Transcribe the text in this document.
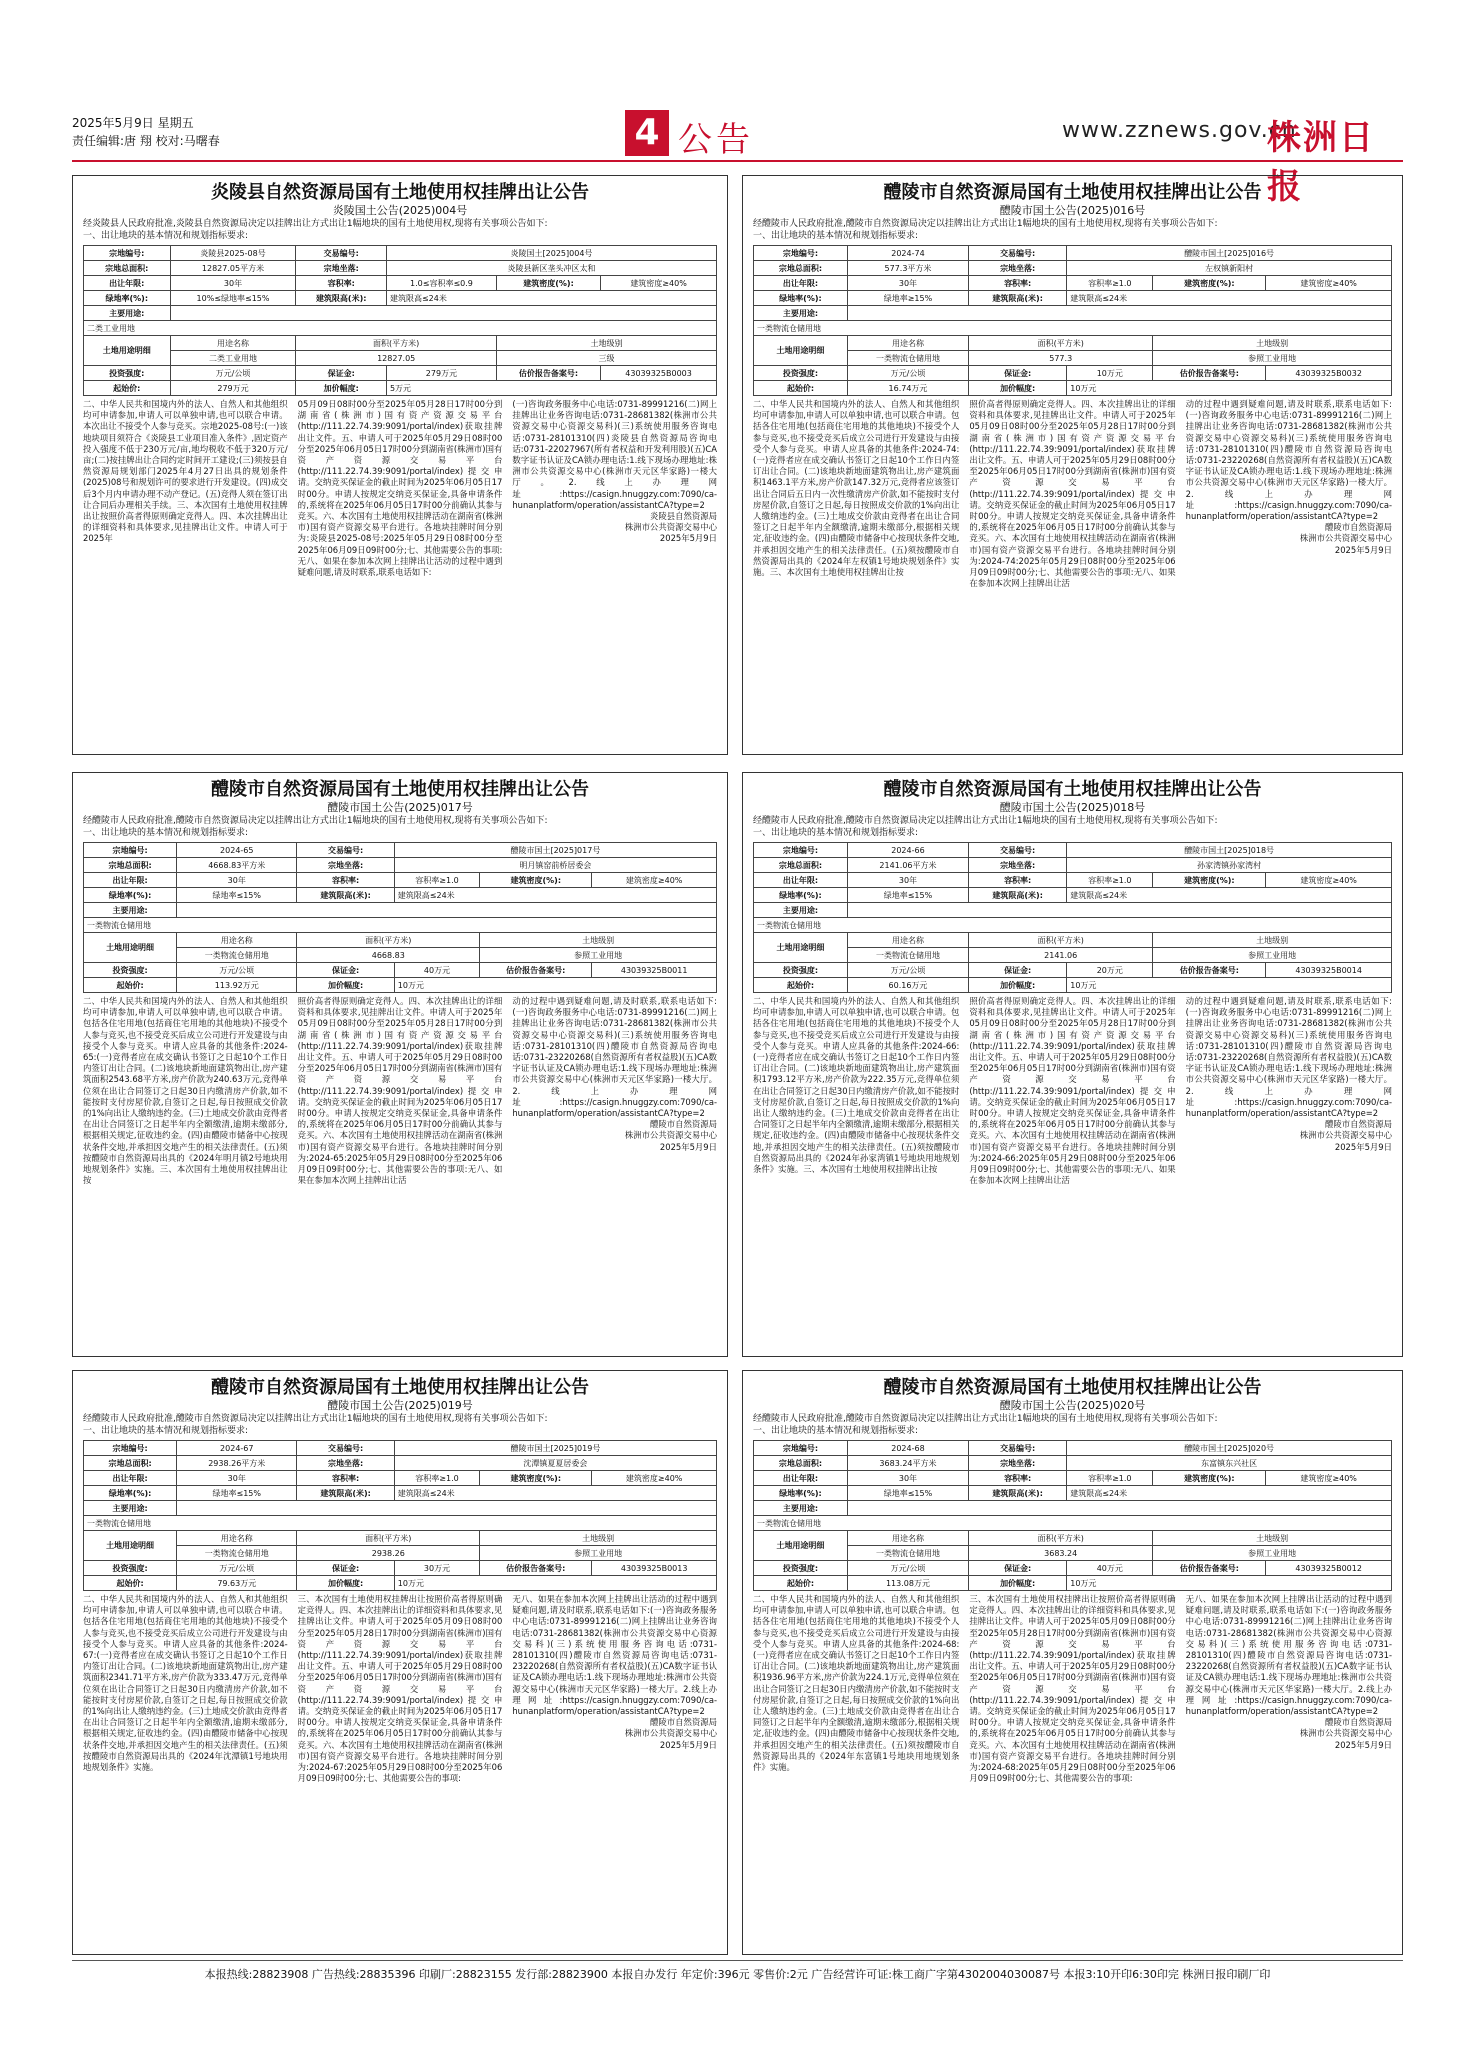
2025年5月9日 星期五
责任编辑:唐 翔 校对:马曙春	4 公告	www.zznews.gov.cn
株洲日报
炎陵县自然资源局国有土地使用权挂牌出让公告
炎陵国土公告(2025)004号
经炎陵县人民政府批准,炎陵县自然资源局决定以挂牌出让方式出让1幅地块的国有土地使用权,现将有关事项公告如下:
一、出让地块的基本情况和规划指标要求:
宗地编号:	炎陵县2025-08号	交易编号:	炎陵国土[2025]004号		
宗地总面积:	12827.05平方米	宗地坐落:	炎陵县新区垄头冲区太和		
出让年限:	30年	容积率:	1.0≤容积率≤0.9	建筑密度(%):	建筑密度≥40%
绿地率(%):	10%≤绿地率≤15%	建筑限高(米):	建筑限高≤24米		
主要用途:					
二类工业用地					
土地用途明细	用途名称	面积(平方米)		土地级别	
	二类工业用地	12827.05		三级	
投资强度:	万元/公顷	保证金:	279万元	估价报告备案号:	43039325B0003
起始价:	279万元	加价幅度:	5万元		
二、中华人民共和国境内外的法人、自然人和其他组织均可申请参加,申请人可以单独申请,也可以联合申请。本次出让不接受个人参与竞买。宗地2025-08号:(一)该地块项目须符合《炎陵县工业项目准入条件》,固定资产投入强度不低于230万元/亩,地均税收不低于320万元/亩;(二)按挂牌出让合同约定时间开工建设;(三)须按县自然资源局规划部门2025年4月27日出具的规划条件(2025)08号和规划许可的要求进行开发建设。(四)成交后3个月内申请办理不动产登记。(五)竞得人须在签订出让合同后办理相关手续。三、本次国有土地使用权挂牌出让按照价高者得原则确定竞得人。四、本次挂牌出让的详细资料和具体要求,见挂牌出让文件。申请人可于2025年
05月09日08时00分至2025年05月28日17时00分到湖南省(株洲市)国有资产资源交易平台(http://111.22.74.39:9091/portal/index)获取挂牌出让文件。五、申请人可于2025年05月29日08时00分至2025年06月05日17时00分到湖南省(株洲市)国有资产资源交易平台(http://111.22.74.39:9091/portal/index)提交申请。交纳竞买保证金的截止时间为2025年06月05日17时00分。申请人按规定交纳竞买保证金,具备申请条件的,系统将在2025年06月05日17时00分前确认其参与竞买。六、本次国有土地使用权挂牌活动在湖南省(株洲市)国有资产资源交易平台进行。各地块挂牌时间分别为:炎陵县2025-08号:2025年05月29日08时00分至2025年06月09日09时00分;七、其他需要公告的事项:无八、如果在参加本次网上挂牌出让活动的过程中遇到疑难问题,请及时联系,联系电话如下:
(一)咨询政务服务中心电话:0731-89991216(二)网上挂牌出让业务咨询电话:0731-28681382(株洲市公共资源交易中心资源交易科)(三)系统使用服务咨询电话:0731-28101310(四)炎陵县自然资源局咨询电话:0731-22027967(所有者权益和开发利用股)(五)CA数字证书认证及CA锁办理电话:1.线下现场办理地址:株洲市公共资源交易中心(株洲市天元区华家路)一楼大厅。2.线上办理网址:https://casign.hnuggzy.com:7090/ca-hunanplatform/operation/assistantCA?type=2
炎陵县自然资源局
株洲市公共资源交易中心
2025年5月9日
醴陵市自然资源局国有土地使用权挂牌出让公告
醴陵市国土公告(2025)016号
经醴陵市人民政府批准,醴陵市自然资源局决定以挂牌出让方式出让1幅地块的国有土地使用权,现将有关事项公告如下:
一、出让地块的基本情况和规划指标要求:
宗地编号:	2024-74	交易编号:	醴陵市国土[2025]016号		
宗地总面积:	577.3平方米	宗地坐落:	左权镇新阳村		
出让年限:	30年	容积率:	容积率≥1.0	建筑密度(%):	建筑密度≥40%
绿地率(%):	绿地率≥15%	建筑限高(米):	建筑限高≤24米		
主要用途:					
一类物流仓储用地					
土地用途明细	用途名称	面积(平方米)		土地级别	
	一类物流仓储用地	577.3		参照工业用地	
投资强度:	万元/公顷	保证金:	10万元	估价报告备案号:	43039325B0032
起始价:	16.74万元	加价幅度:	10万元		
二、中华人民共和国境内外的法人、自然人和其他组织均可申请参加,申请人可以单独申请,也可以联合申请。包括各住宅用地(包括商住宅用地的其他地块)不接受个人参与竞买,也不接受竞买后成立公司进行开发建设与由接受个人参与竞买。申请人应具备的其他条件:2024-74:(一)竞得者应在成交确认书签订之日起10个工作日内签订出让合同。(二)该地块新地面建筑物出让,房产建筑面积1463.1平方米,房产价款147.32万元,竞得者应该签订出让合同后五日内一次性缴清房产价款,如不能按时支付房屋价款,自签订之日起,每日按照成交价款的1%向出让人缴纳违约金。(三)土地成交价款由竞得者在出让合同签订之日起半年内全额缴清,逾期未缴部分,根据相关规定,征收违约金。(四)由醴陵市储备中心按现状条件交地,并承担因交地产生的相关法律责任。(五)须按醴陵市自然资源局出具的《2024年左权镇1号地块规划条件》实施。三、本次国有土地使用权挂牌出让按
照价高者得原则确定竞得人。四、本次挂牌出让的详细资料和具体要求,见挂牌出让文件。申请人可于2025年05月09日08时00分至2025年05月28日17时00分到湖南省(株洲市)国有资产资源交易平台(http://111.22.74.39:9091/portal/index)获取挂牌出让文件。五、申请人可于2025年05月29日08时00分至2025年06月05日17时00分到湖南省(株洲市)国有资产资源交易平台(http://111.22.74.39:9091/portal/index)提交申请。交纳竞买保证金的截止时间为2025年06月05日17时00分。申请人按规定交纳竞买保证金,具备申请条件的,系统将在2025年06月05日17时00分前确认其参与竞买。六、本次国有土地使用权挂牌活动在湖南省(株洲市)国有资产资源交易平台进行。各地块挂牌时间分别为:2024-74:2025年05月29日08时00分至2025年06月09日09时00分;七、其他需要公告的事项:无八、如果在参加本次网上挂牌出让活
动的过程中遇到疑难问题,请及时联系,联系电话如下:(一)咨询政务服务中心电话:0731-89991216(二)网上挂牌出让业务咨询电话:0731-28681382(株洲市公共资源交易中心资源交易科)(三)系统使用服务咨询电话:0731-28101310(四)醴陵市自然资源局咨询电话:0731-23220268(自然资源所有者权益股)(五)CA数字证书认证及CA锁办理电话:1.线下现场办理地址:株洲市公共资源交易中心(株洲市天元区华家路)一楼大厅。2.线上办理网址:https://casign.hnuggzy.com:7090/ca-hunanplatform/operation/assistantCA?type=2
醴陵市自然资源局
株洲市公共资源交易中心
2025年5月9日
醴陵市自然资源局国有土地使用权挂牌出让公告
醴陵市国土公告(2025)017号
经醴陵市人民政府批准,醴陵市自然资源局决定以挂牌出让方式出让1幅地块的国有土地使用权,现将有关事项公告如下:
一、出让地块的基本情况和规划指标要求:
宗地编号:	2024-65	交易编号:	醴陵市国土[2025]017号		
宗地总面积:	4668.83平方米	宗地坐落:	明月镇窑前桥居委会		
出让年限:	30年	容积率:	容积率≥1.0	建筑密度(%):	建筑密度≥40%
绿地率(%):	绿地率≤15%	建筑限高(米):	建筑限高≤24米		
主要用途:					
一类物流仓储用地					
土地用途明细	用途名称	面积(平方米)		土地级别	
	一类物流仓储用地	4668.83		参照工业用地	
投资强度:	万元/公顷	保证金:	40万元	估价报告备案号:	43039325B0011
起始价:	113.92万元	加价幅度:	10万元		
二、中华人民共和国境内外的法人、自然人和其他组织均可申请参加,申请人可以单独申请,也可以联合申请。包括各住宅用地(包括商住宅用地的其他地块)不接受个人参与竞买,也不接受竞买后成立公司进行开发建设与由接受个人参与竞买。申请人应具备的其他条件:2024-65:(一)竞得者应在成交确认书签订之日起10个工作日内签订出让合同。(二)该地块新地面建筑物出让,房产建筑面积2543.68平方米,房产价款为240.63万元,竞得单位须在出让合同签订之日起30日内缴清房产价款,如不能按时支付房屋价款,自签订之日起,每日按照成交价款的1%向出让人缴纳违约金。(三)土地成交价款由竞得者在出让合同签订之日起半年内全额缴清,逾期未缴部分,根据相关规定,征收违约金。(四)由醴陵市储备中心按现状条件交地,并承担因交地产生的相关法律责任。(五)须按醴陵市自然资源局出具的《2024年明月镇2号地块用地规划条件》实施。三、本次国有土地使用权挂牌出让按
照价高者得原则确定竞得人。四、本次挂牌出让的详细资料和具体要求,见挂牌出让文件。申请人可于2025年05月09日08时00分至2025年05月28日17时00分到湖南省(株洲市)国有资产资源交易平台(http://111.22.74.39:9091/portal/index)获取挂牌出让文件。五、申请人可于2025年05月29日08时00分至2025年06月05日17时00分到湖南省(株洲市)国有资产资源交易平台(http://111.22.74.39:9091/portal/index)提交申请。交纳竞买保证金的截止时间为2025年06月05日17时00分。申请人按规定交纳竞买保证金,具备申请条件的,系统将在2025年06月05日17时00分前确认其参与竞买。六、本次国有土地使用权挂牌活动在湖南省(株洲市)国有资产资源交易平台进行。各地块挂牌时间分别为:2024-65:2025年05月29日08时00分至2025年06月09日09时00分;七、其他需要公告的事项:无八、如果在参加本次网上挂牌出让活
动的过程中遇到疑难问题,请及时联系,联系电话如下:(一)咨询政务服务中心电话:0731-89991216(二)网上挂牌出让业务咨询电话:0731-28681382(株洲市公共资源交易中心资源交易科)(三)系统使用服务咨询电话:0731-28101310(四)醴陵市自然资源局咨询电话:0731-23220268(自然资源所有者权益股)(五)CA数字证书认证及CA锁办理电话:1.线下现场办理地址:株洲市公共资源交易中心(株洲市天元区华家路)一楼大厅。2.线上办理网址:https://casign.hnuggzy.com:7090/ca-hunanplatform/operation/assistantCA?type=2
醴陵市自然资源局
株洲市公共资源交易中心
2025年5月9日
醴陵市自然资源局国有土地使用权挂牌出让公告
醴陵市国土公告(2025)018号
经醴陵市人民政府批准,醴陵市自然资源局决定以挂牌出让方式出让1幅地块的国有土地使用权,现将有关事项公告如下:
一、出让地块的基本情况和规划指标要求:
宗地编号:	2024-66	交易编号:	醴陵市国土[2025]018号		
宗地总面积:	2141.06平方米	宗地坐落:	孙家湾镇孙家湾村		
出让年限:	30年	容积率:	容积率≥1.0	建筑密度(%):	建筑密度≥40%
绿地率(%):	绿地率≤15%	建筑限高(米):	建筑限高≤24米		
主要用途:					
一类物流仓储用地					
土地用途明细	用途名称	面积(平方米)		土地级别	
	一类物流仓储用地	2141.06		参照工业用地	
投资强度:	万元/公顷	保证金:	20万元	估价报告备案号:	43039325B0014
起始价:	60.16万元	加价幅度:	10万元		
二、中华人民共和国境内外的法人、自然人和其他组织均可申请参加,申请人可以单独申请,也可以联合申请。包括各住宅用地(包括商住宅用地的其他地块)不接受个人参与竞买,也不接受竞买后成立公司进行开发建设与由接受个人参与竞买。申请人应具备的其他条件:2024-66:(一)竞得者应在成交确认书签订之日起10个工作日内签订出让合同。(二)该地块新地面建筑物出让,房产建筑面积1793.12平方米,房产价款为222.35万元,竞得单位须在出让合同签订之日起30日内缴清房产价款,如不能按时支付房屋价款,自签订之日起,每日按照成交价款的1%向出让人缴纳违约金。(三)土地成交价款由竞得者在出让合同签订之日起半年内全额缴清,逾期未缴部分,根据相关规定,征收违约金。(四)由醴陵市储备中心按现状条件交地,并承担因交地产生的相关法律责任。(五)须按醴陵市自然资源局出具的《2024年孙家湾镇1号地块用地规划条件》实施。三、本次国有土地使用权挂牌出让按
照价高者得原则确定竞得人。四、本次挂牌出让的详细资料和具体要求,见挂牌出让文件。申请人可于2025年05月09日08时00分至2025年05月28日17时00分到湖南省(株洲市)国有资产资源交易平台(http://111.22.74.39:9091/portal/index)获取挂牌出让文件。五、申请人可于2025年05月29日08时00分至2025年06月05日17时00分到湖南省(株洲市)国有资产资源交易平台(http://111.22.74.39:9091/portal/index)提交申请。交纳竞买保证金的截止时间为2025年06月05日17时00分。申请人按规定交纳竞买保证金,具备申请条件的,系统将在2025年06月05日17时00分前确认其参与竞买。六、本次国有土地使用权挂牌活动在湖南省(株洲市)国有资产资源交易平台进行。各地块挂牌时间分别为:2024-66:2025年05月29日08时00分至2025年06月09日09时00分;七、其他需要公告的事项:无八、如果在参加本次网上挂牌出让活
动的过程中遇到疑难问题,请及时联系,联系电话如下:(一)咨询政务服务中心电话:0731-89991216(二)网上挂牌出让业务咨询电话:0731-28681382(株洲市公共资源交易中心资源交易科)(三)系统使用服务咨询电话:0731-28101310(四)醴陵市自然资源局咨询电话:0731-23220268(自然资源所有者权益股)(五)CA数字证书认证及CA锁办理电话:1.线下现场办理地址:株洲市公共资源交易中心(株洲市天元区华家路)一楼大厅。2.线上办理网址:https://casign.hnuggzy.com:7090/ca-hunanplatform/operation/assistantCA?type=2
醴陵市自然资源局
株洲市公共资源交易中心
2025年5月9日
醴陵市自然资源局国有土地使用权挂牌出让公告
醴陵市国土公告(2025)019号
经醴陵市人民政府批准,醴陵市自然资源局决定以挂牌出让方式出让1幅地块的国有土地使用权,现将有关事项公告如下:
一、出让地块的基本情况和规划指标要求:
宗地编号:	2024-67	交易编号:	醴陵市国土[2025]019号		
宗地总面积:	2938.26平方米	宗地坐落:	沈潭镇夏夏居委会		
出让年限:	30年	容积率:	容积率≥1.0	建筑密度(%):	建筑密度≥40%
绿地率(%):	绿地率≤15%	建筑限高(米):	建筑限高≤24米		
主要用途:					
一类物流仓储用地					
土地用途明细	用途名称	面积(平方米)		土地级别	
	一类物流仓储用地	2938.26		参照工业用地	
投资强度:	万元/公顷	保证金:	30万元	估价报告备案号:	43039325B0013
起始价:	79.63万元	加价幅度:	10万元		
二、中华人民共和国境内外的法人、自然人和其他组织均可申请参加,申请人可以单独申请,也可以联合申请。包括各住宅用地(包括商住宅用地的其他地块)不接受个人参与竞买,也不接受竞买后成立公司进行开发建设与由接受个人参与竞买。申请人应具备的其他条件:2024-67:(一)竞得者应在成交确认书签订之日起10个工作日内签订出让合同。(二)该地块新地面建筑物出让,房产建筑面积2341.71平方米,房产价款为333.47万元,竞得单位须在出让合同签订之日起30日内缴清房产价款,如不能按时支付房屋价款,自签订之日起,每日按照成交价款的1%向出让人缴纳违约金。(三)土地成交价款由竞得者在出让合同签订之日起半年内全额缴清,逾期未缴部分,根据相关规定,征收违约金。(四)由醴陵市储备中心按现状条件交地,并承担因交地产生的相关法律责任。(五)须按醴陵市自然资源局出具的《2024年沈潭镇1号地块用地规划条件》实施。
三、本次国有土地使用权挂牌出让按照价高者得原则确定竞得人。四、本次挂牌出让的详细资料和具体要求,见挂牌出让文件。申请人可于2025年05月09日08时00分至2025年05月28日17时00分到湖南省(株洲市)国有资产资源交易平台(http://111.22.74.39:9091/portal/index)获取挂牌出让文件。五、申请人可于2025年05月29日08时00分至2025年06月05日17时00分到湖南省(株洲市)国有资产资源交易平台(http://111.22.74.39:9091/portal/index)提交申请。交纳竞买保证金的截止时间为2025年06月05日17时00分。申请人按规定交纳竞买保证金,具备申请条件的,系统将在2025年06月05日17时00分前确认其参与竞买。六、本次国有土地使用权挂牌活动在湖南省(株洲市)国有资产资源交易平台进行。各地块挂牌时间分别为:2024-67:2025年05月29日08时00分至2025年06月09日09时00分;七、其他需要公告的事项:
无八、如果在参加本次网上挂牌出让活动的过程中遇到疑难问题,请及时联系,联系电话如下:(一)咨询政务服务中心电话:0731-89991216(二)网上挂牌出让业务咨询电话:0731-28681382(株洲市公共资源交易中心资源交易科)(三)系统使用服务咨询电话:0731-28101310(四)醴陵市自然资源局咨询电话:0731-23220268(自然资源所有者权益股)(五)CA数字证书认证及CA锁办理电话:1.线下现场办理地址:株洲市公共资源交易中心(株洲市天元区华家路)一楼大厅。2.线上办理网址:https://casign.hnuggzy.com:7090/ca-hunanplatform/operation/assistantCA?type=2
醴陵市自然资源局
株洲市公共资源交易中心
2025年5月9日
醴陵市自然资源局国有土地使用权挂牌出让公告
醴陵市国土公告(2025)020号
经醴陵市人民政府批准,醴陵市自然资源局决定以挂牌出让方式出让1幅地块的国有土地使用权,现将有关事项公告如下:
一、出让地块的基本情况和规划指标要求:
宗地编号:	2024-68	交易编号:	醴陵市国土[2025]020号		
宗地总面积:	3683.24平方米	宗地坐落:	东富镇东兴社区		
出让年限:	30年	容积率:	容积率≥1.0	建筑密度(%):	建筑密度≥40%
绿地率(%):	绿地率≤15%	建筑限高(米):	建筑限高≤24米		
主要用途:					
一类物流仓储用地					
土地用途明细	用途名称	面积(平方米)		土地级别	
	一类物流仓储用地	3683.24		参照工业用地	
投资强度:	万元/公顷	保证金:	40万元	估价报告备案号:	43039325B0012
起始价:	113.08万元	加价幅度:	10万元		
二、中华人民共和国境内外的法人、自然人和其他组织均可申请参加,申请人可以单独申请,也可以联合申请。包括各住宅用地(包括商住宅用地的其他地块)不接受个人参与竞买,也不接受竞买后成立公司进行开发建设与由接受个人参与竞买。申请人应具备的其他条件:2024-68:(一)竞得者应在成交确认书签订之日起10个工作日内签订出让合同。(二)该地块新地面建筑物出让,房产建筑面积1936.96平方米,房产价款为224.1万元,竞得单位须在出让合同签订之日起30日内缴清房产价款,如不能按时支付房屋价款,自签订之日起,每日按照成交价款的1%向出让人缴纳违约金。(三)土地成交价款由竞得者在出让合同签订之日起半年内全额缴清,逾期未缴部分,根据相关规定,征收违约金。(四)由醴陵市储备中心按现状条件交地,并承担因交地产生的相关法律责任。(五)须按醴陵市自然资源局出具的《2024年东富镇1号地块用地规划条件》实施。
三、本次国有土地使用权挂牌出让按照价高者得原则确定竞得人。四、本次挂牌出让的详细资料和具体要求,见挂牌出让文件。申请人可于2025年05月09日08时00分至2025年05月28日17时00分到湖南省(株洲市)国有资产资源交易平台(http://111.22.74.39:9091/portal/index)获取挂牌出让文件。五、申请人可于2025年05月29日08时00分至2025年06月05日17时00分到湖南省(株洲市)国有资产资源交易平台(http://111.22.74.39:9091/portal/index)提交申请。交纳竞买保证金的截止时间为2025年06月05日17时00分。申请人按规定交纳竞买保证金,具备申请条件的,系统将在2025年06月05日17时00分前确认其参与竞买。六、本次国有土地使用权挂牌活动在湖南省(株洲市)国有资产资源交易平台进行。各地块挂牌时间分别为:2024-68:2025年05月29日08时00分至2025年06月09日09时00分;七、其他需要公告的事项:
无八、如果在参加本次网上挂牌出让活动的过程中遇到疑难问题,请及时联系,联系电话如下:(一)咨询政务服务中心电话:0731-89991216(二)网上挂牌出让业务咨询电话:0731-28681382(株洲市公共资源交易中心资源交易科)(三)系统使用服务咨询电话:0731-28101310(四)醴陵市自然资源局咨询电话:0731-23220268(自然资源所有者权益股)(五)CA数字证书认证及CA锁办理电话:1.线下现场办理地址:株洲市公共资源交易中心(株洲市天元区华家路)一楼大厅。2.线上办理网址:https://casign.hnuggzy.com:7090/ca-hunanplatform/operation/assistantCA?type=2
醴陵市自然资源局
株洲市公共资源交易中心
2025年5月9日
本报热线:28823908 广告热线:28835396 印刷厂:28823155 发行部:28823900 本报自办发行 年定价:396元 零售价:2元 广告经营许可证:株工商广字第4302004030087号 本报3:10开印6:30印完 株洲日报印刷厂印
